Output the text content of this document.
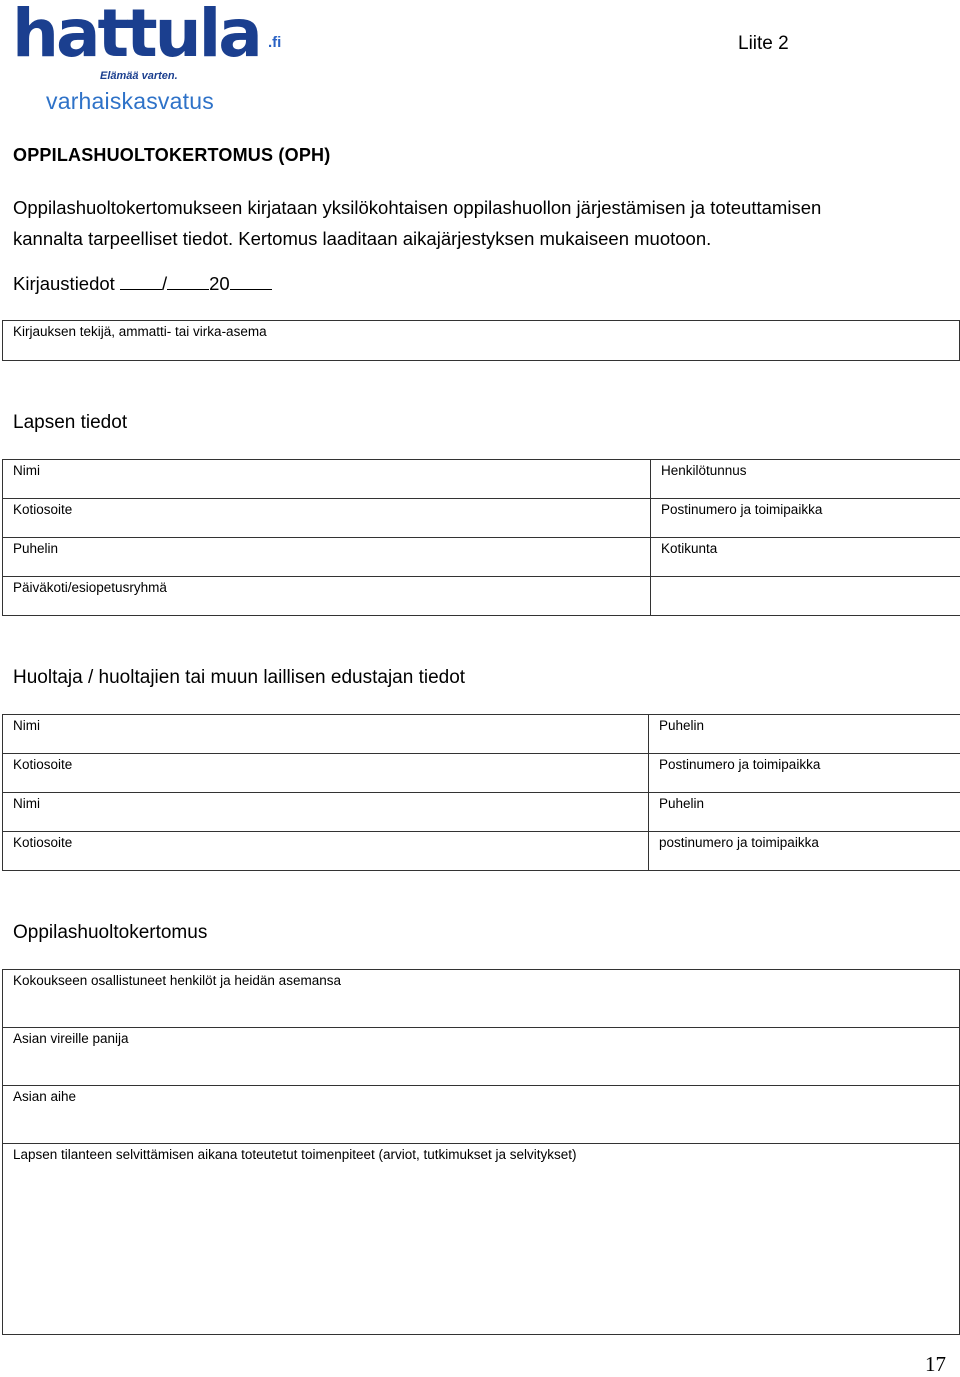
hattula .fi
Elämää varten.
varhaiskasvatus
Liite 2
OPPILASHUOLTOKERTOMUS (OPH)

Oppilashuoltokertomukseen kirjataan yksilökohtaisen oppilashuollon järjestämisen ja toteuttamisen
kannalta tarpeelliset tiedot. Kertomus laaditaan aikajärjestyksen mukaiseen muotoon.

Kirjaustiedot	/ 20
Kirjauksen tekijä, ammatti- tai virka-asema
Lapsen tiedot
Nimi	Henkilötunnus
Kotiosoite	Postinumero ja toimipaikka
Puhelin	Kotikunta
Päiväkoti/esiopetusryhmä	
Huoltaja / huoltajien tai muun laillisen edustajan tiedot
Nimi	Puhelin
Kotiosoite	Postinumero ja toimipaikka
Nimi	Puhelin
Kotiosoite	postinumero ja toimipaikka
Oppilashuoltokertomus
Kokoukseen osallistuneet henkilöt ja heidän asemansa
Asian vireille panija
Asian aihe
Lapsen tilanteen selvittämisen aikana toteutetut toimenpiteet (arviot, tutkimukset ja selvitykset)
17
